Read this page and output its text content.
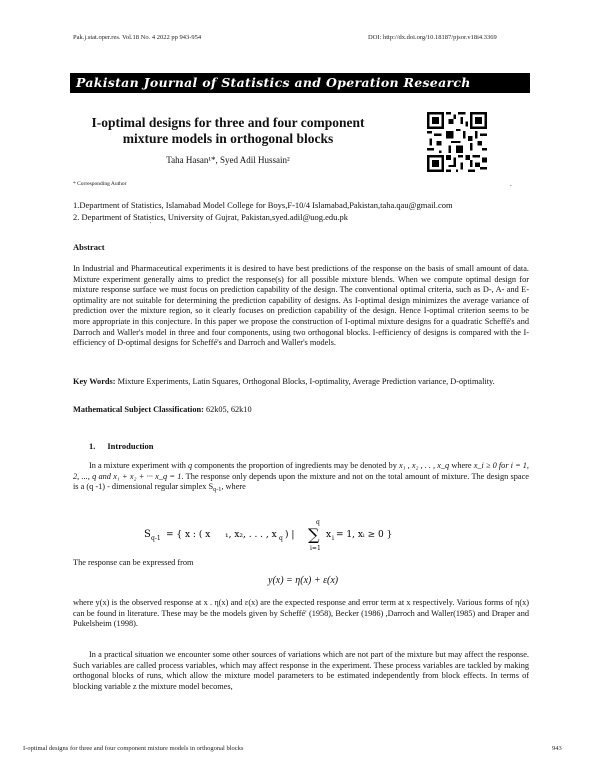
Pak.j.stat.oper.res. Vol.18 No. 4 2022 pp 943-954	DOI: http://dx.doi.org/10.18187/pjsor.v18i4.3369
Pakistan Journal of Statistics and Operation Research
I-optimal designs for three and four component mixture models in orthogonal blocks
Taha Hasan¹*, Syed Adil Hussain²
* Corresponding Author	.
1.Department of Statistics, Islamabad Model College for Boys,F-10/4 Islamabad,Pakistan,taha.qau@gmail.com
2. Department of Statistics, University of Gujrat, Pakistan,syed.adil@uog.edu.pk
'
Abstract
In Industrial and Pharmaceutical experiments it is desired to have best predictions of the response on the basis of small amount of data. Mixture experiment generally aims to predict the response(s) for all possible mixture blends. When we compute optimal design for mixture response surface we must focus on prediction capability of the design. The conventional optimal criteria, such as D-, A- and E-optimality are not suitable for determining the prediction capability of designs. As I-optimal design minimizes the average variance of prediction over the mixture region, so it clearly focuses on prediction capability of the design. Hence I-optimal criterion seems to be more appropriate in this conjecture. In this paper we propose the construction of I-optimal mixture designs for a quadratic Scheffé's and Darroch and Waller's model in three and four components, using two orthogonal blocks. I-efficiency of designs is compared with the I-efficiency of D-optimal designs for Scheffé's and Darroch and Waller's models.
Key Words: Mixture Experiments, Latin Squares, Orthogonal Blocks, I-optimality, Average Prediction variance, D-optimality.
Mathematical Subject Classification: 62k05, 62k10
1. Introduction
In a mixture experiment with q components the proportion of ingredients may be denoted by x₁ , x₂ , . . , x_q where x_i ≥ 0 for i = 1, 2, ..., q and x₁ + x₂ + ··· x_q = 1. The response only depends upon the mixture and not on the total amount of mixture. The design space is a (q -1) - dimensional regular simplex $S_{q-1}$, where
S q-1 = { x : ( x ₁, x₂, . . . , x q ) |
q
∑
i=1
x i = 1, xᵢ ≥ 0 }
The response can be expressed from
y(x) = η(x) + ε(x)
where y(x) is the observed response at x . η(x) and ε(x) are the expected response and error term at x respectively. Various forms of η(x) can be found in literature. These may be the models given by Scheffé' (1958), Becker (1986) ,Darroch and Waller(1985) and Draper and Pukelsheim (1998).
In a practical situation we encounter some other sources of variations which are not part of the mixture but may affect the response. Such variables are called process variables, which may affect response in the experiment. These process variables are tackled by making orthogonal blocks of runs, which allow the mixture model parameters to be estimated independently from block effects. In terms of blocking variable z the mixture model becomes,
I-optimal designs for three and four component mixture models in orthogonal blocks	943
